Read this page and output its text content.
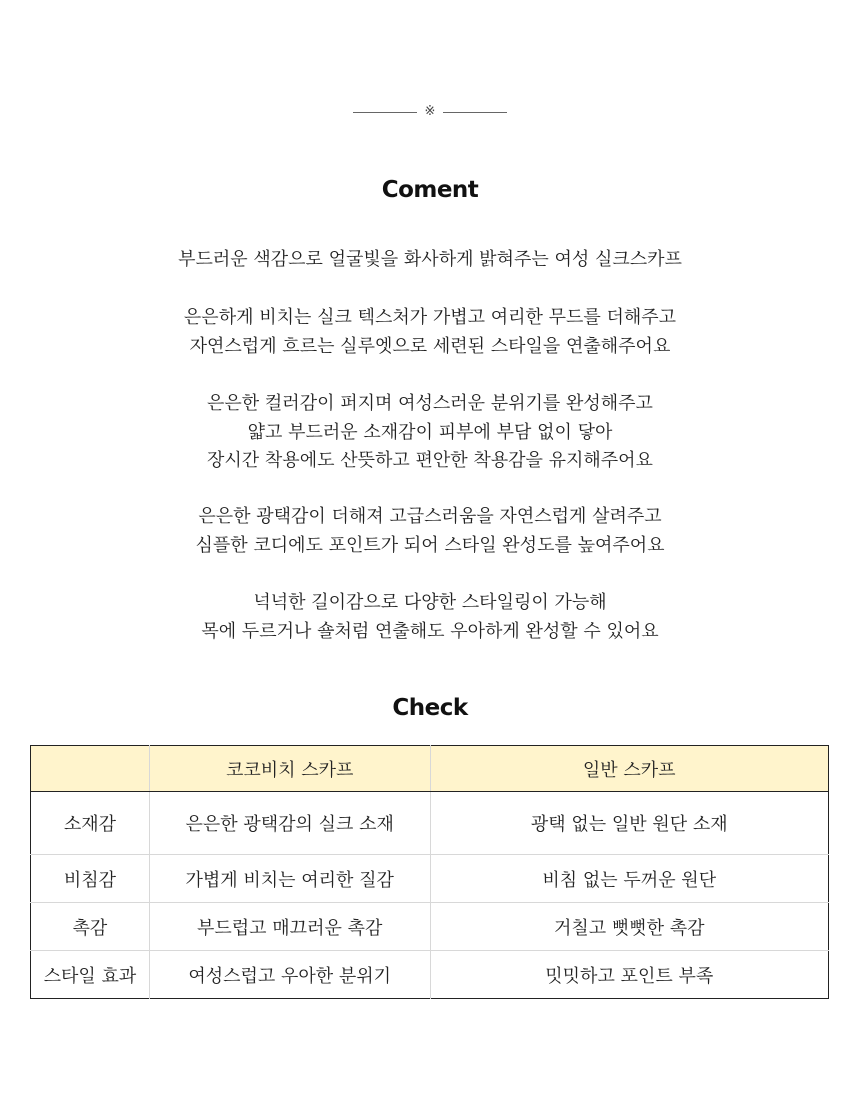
※
Coment
부드러운 색감으로 얼굴빛을 화사하게 밝혀주는 여성 실크스카프
은은하게 비치는 실크 텍스처가 가볍고 여리한 무드를 더해주고
자연스럽게 흐르는 실루엣으로 세련된 스타일을 연출해주어요
은은한 컬러감이 퍼지며 여성스러운 분위기를 완성해주고
얇고 부드러운 소재감이 피부에 부담 없이 닿아
장시간 착용에도 산뜻하고 편안한 착용감을 유지해주어요
은은한 광택감이 더해져 고급스러움을 자연스럽게 살려주고
심플한 코디에도 포인트가 되어 스타일 완성도를 높여주어요
넉넉한 길이감으로 다양한 스타일링이 가능해
목에 두르거나 숄처럼 연출해도 우아하게 완성할 수 있어요
Check
	코코비치 스카프	일반 스카프
소재감	은은한 광택감의 실크 소재	광택 없는 일반 원단 소재
비침감	가볍게 비치는 여리한 질감	비침 없는 두꺼운 원단
촉감	부드럽고 매끄러운 촉감	거칠고 뻣뻣한 촉감
스타일 효과	여성스럽고 우아한 분위기	밋밋하고 포인트 부족
